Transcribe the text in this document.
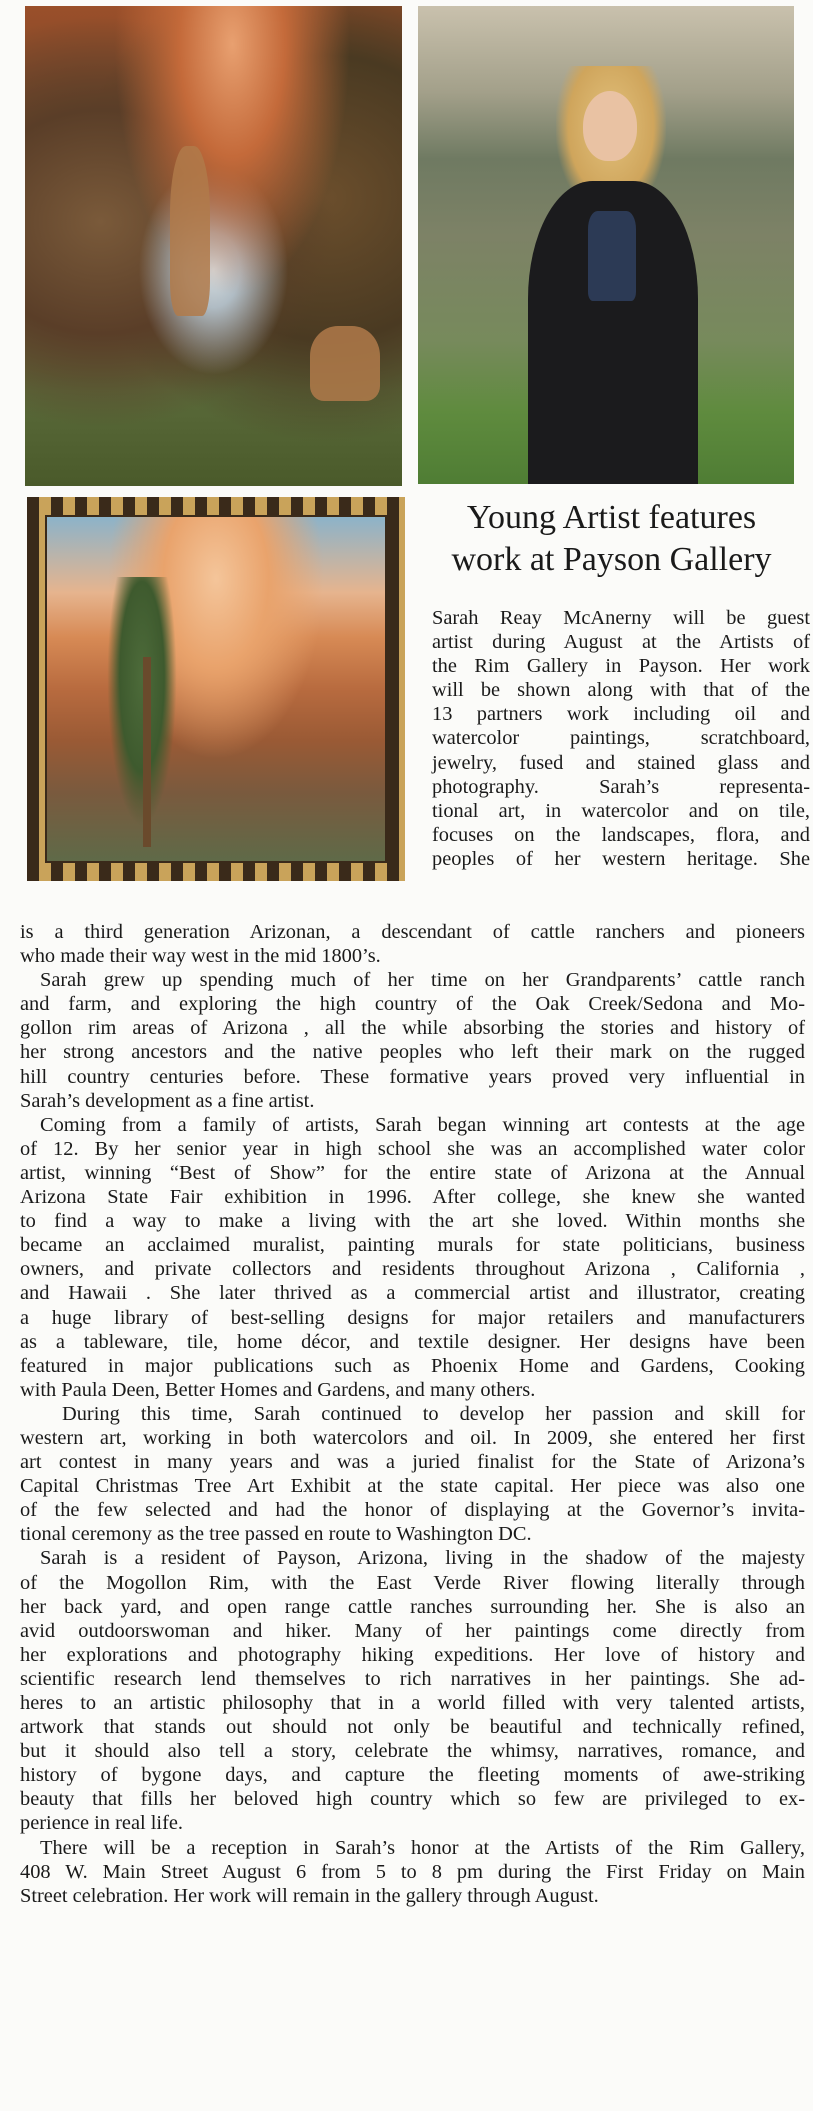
Young Artist features
work at Payson Gallery
Sarah Reay McAnerny will be guest
artist during August at the Artists of
the Rim Gallery in Payson. Her work
will be shown along with that of the
13 partners work including oil and
watercolor paintings, scratchboard,
jewelry, fused and stained glass and
photography. Sarah’s representa-
tional art, in watercolor and on tile,
focuses on the landscapes, flora, and
peoples of her western heritage. She
is a third generation Arizonan, a descendant of cattle ranchers and pioneers
who made their way west in the mid 1800’s.
Sarah grew up spending much of her time on her Grandparents’ cattle ranch
and farm, and exploring the high country of the Oak Creek/Sedona and Mo-
gollon rim areas of Arizona , all the while absorbing the stories and history of
her strong ancestors and the native peoples who left their mark on the rugged
hill country centuries before. These formative years proved very influential in
Sarah’s development as a fine artist.
Coming from a family of artists, Sarah began winning art contests at the age
of 12. By her senior year in high school she was an accomplished water color
artist, winning “Best of Show” for the entire state of Arizona at the Annual
Arizona State Fair exhibition in 1996. After college, she knew she wanted
to find a way to make a living with the art she loved. Within months she
became an acclaimed muralist, painting murals for state politicians, business
owners, and private collectors and residents throughout Arizona , California ,
and Hawaii . She later thrived as a commercial artist and illustrator, creating
a huge library of best-selling designs for major retailers and manufacturers
as a tableware, tile, home décor, and textile designer. Her designs have been
featured in major publications such as Phoenix Home and Gardens, Cooking
with Paula Deen, Better Homes and Gardens, and many others.
During this time, Sarah continued to develop her passion and skill for
western art, working in both watercolors and oil. In 2009, she entered her first
art contest in many years and was a juried finalist for the State of Arizona’s
Capital Christmas Tree Art Exhibit at the state capital. Her piece was also one
of the few selected and had the honor of displaying at the Governor’s invita-
tional ceremony as the tree passed en route to Washington DC.
Sarah is a resident of Payson, Arizona, living in the shadow of the majesty
of the Mogollon Rim, with the East Verde River flowing literally through
her back yard, and open range cattle ranches surrounding her. She is also an
avid outdoorswoman and hiker. Many of her paintings come directly from
her explorations and photography hiking expeditions. Her love of history and
scientific research lend themselves to rich narratives in her paintings. She ad-
heres to an artistic philosophy that in a world filled with very talented artists,
artwork that stands out should not only be beautiful and technically refined,
but it should also tell a story, celebrate the whimsy, narratives, romance, and
history of bygone days, and capture the fleeting moments of awe-striking
beauty that fills her beloved high country which so few are privileged to ex-
perience in real life.
There will be a reception in Sarah’s honor at the Artists of the Rim Gallery,
408 W. Main Street August 6 from 5 to 8 pm during the First Friday on Main
Street celebration. Her work will remain in the gallery through August.
